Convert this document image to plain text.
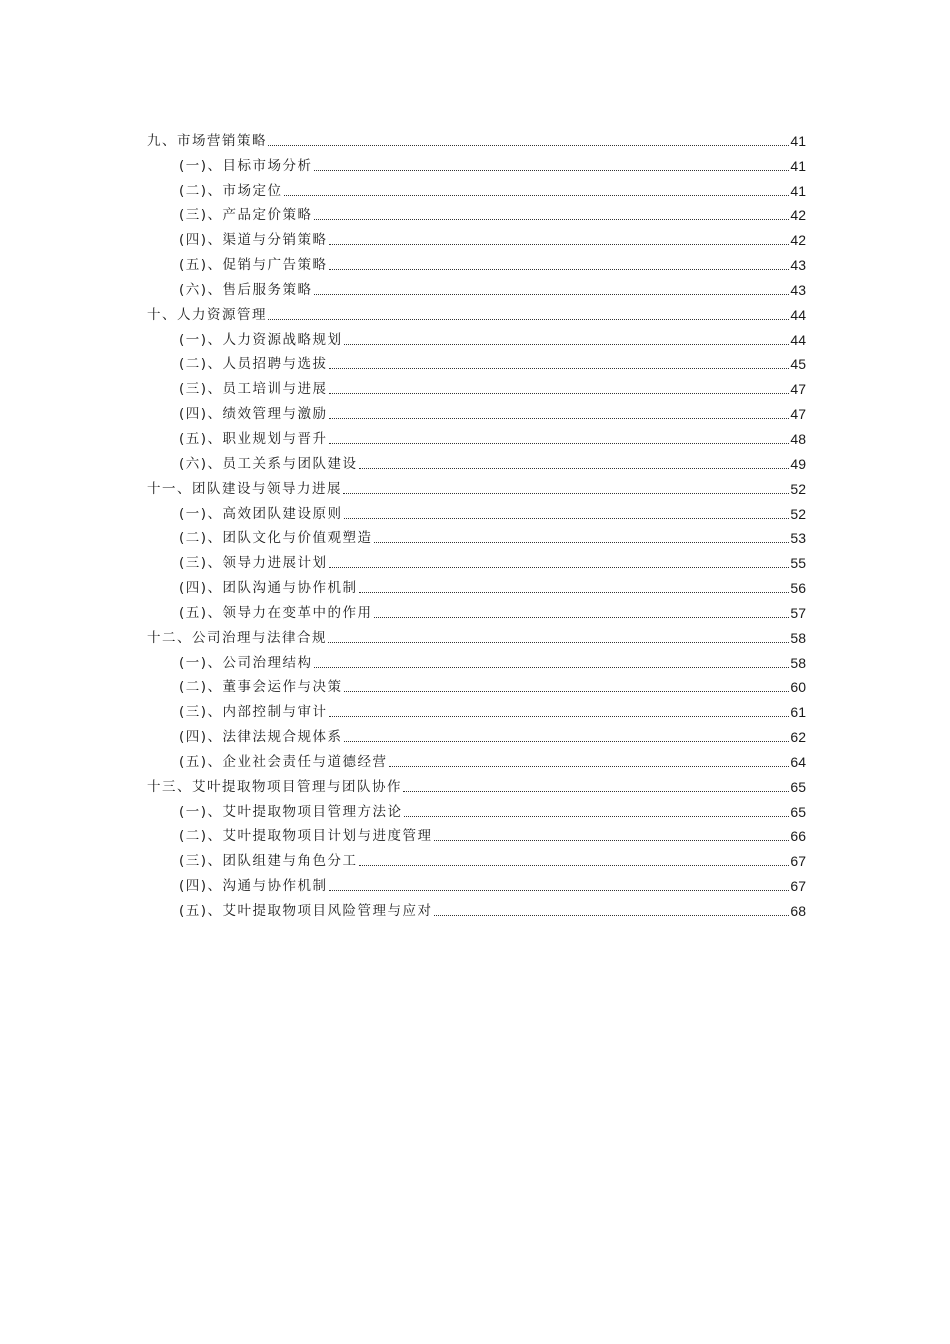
九、市场营销策略	41
(一)、目标市场分析	41
(二)、市场定位	41
(三)、产品定价策略	42
(四)、渠道与分销策略	42
(五)、促销与广告策略	43
(六)、售后服务策略	43
十、人力资源管理	44
(一)、人力资源战略规划	44
(二)、人员招聘与选拔	45
(三)、员工培训与进展	47
(四)、绩效管理与激励	47
(五)、职业规划与晋升	48
(六)、员工关系与团队建设	49
十一、团队建设与领导力进展	52
(一)、高效团队建设原则	52
(二)、团队文化与价值观塑造	53
(三)、领导力进展计划	55
(四)、团队沟通与协作机制	56
(五)、领导力在变革中的作用	57
十二、公司治理与法律合规	58
(一)、公司治理结构	58
(二)、董事会运作与决策	60
(三)、内部控制与审计	61
(四)、法律法规合规体系	62
(五)、企业社会责任与道德经营	64
十三、艾叶提取物项目管理与团队协作	65
(一)、艾叶提取物项目管理方法论	65
(二)、艾叶提取物项目计划与进度管理	66
(三)、团队组建与角色分工	67
(四)、沟通与协作机制	67
(五)、艾叶提取物项目风险管理与应对	68
